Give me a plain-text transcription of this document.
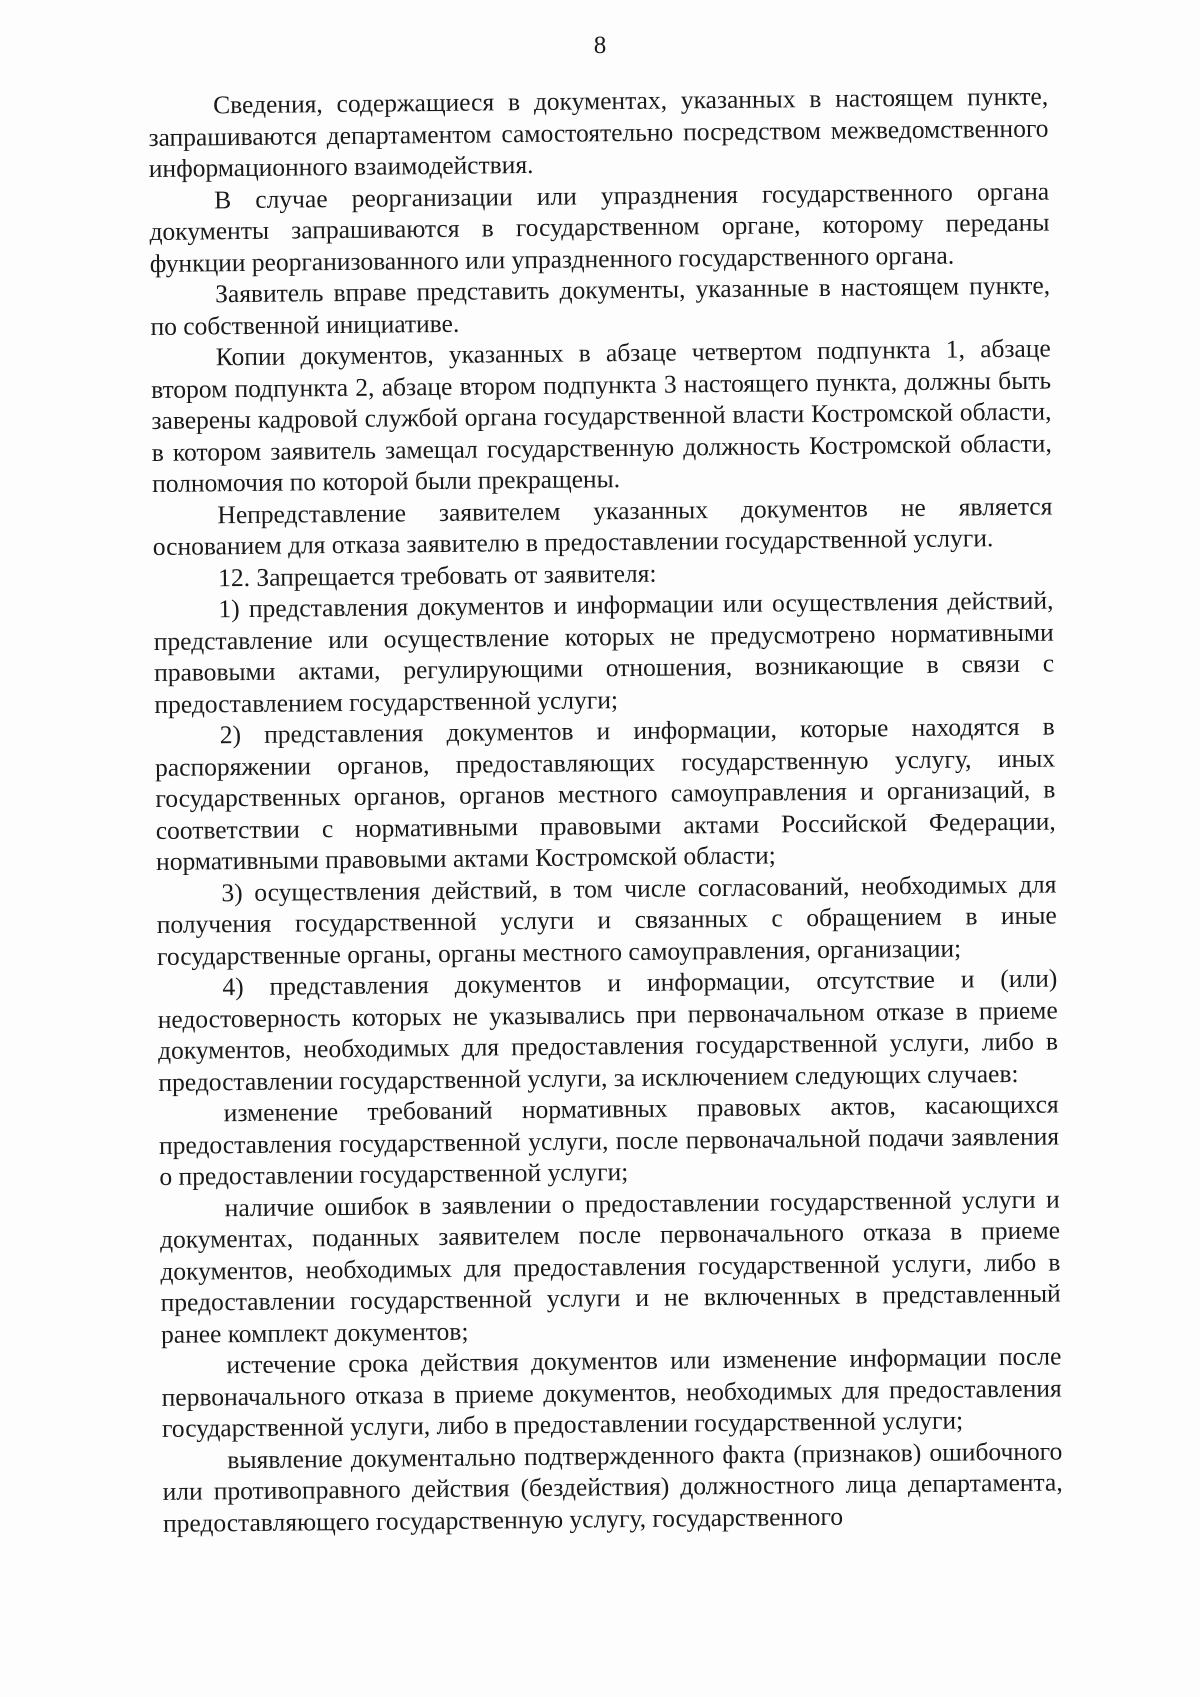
8

Сведения, содержащиеся в документах, указанных в настоящем пункте, запрашиваются департаментом самостоятельно посредством межведомственного информационного взаимодействия.

В случае реорганизации или упразднения государственного органа документы запрашиваются в государственном органе, которому переданы функции реорганизованного или упраздненного государственного органа.

Заявитель вправе представить документы, указанные в настоящем пункте, по собственной инициативе.

Копии документов, указанных в абзаце четвертом подпункта 1, абзаце втором подпункта 2, абзаце втором подпункта 3 настоящего пункта, должны быть заверены кадровой службой органа государственной власти Костромской области, в котором заявитель замещал государственную должность Костромской области, полномочия по которой были прекращены.

Непредставление заявителем указанных документов не является основанием для отказа заявителю в предоставлении государственной услуги.

12. Запрещается требовать от заявителя:

1) представления документов и информации или осуществления действий, представление или осуществление которых не предусмотрено нормативными правовыми актами, регулирующими отношения, возникающие в связи с предоставлением государственной услуги;

2) представления документов и информации, которые находятся в распоряжении органов, предоставляющих государственную услугу, иных государственных органов, органов местного самоуправления и организаций, в соответствии с нормативными правовыми актами Российской Федерации, нормативными правовыми актами Костромской области;

3) осуществления действий, в том числе согласований, необходимых для получения государственной услуги и связанных с обращением в иные государственные органы, органы местного самоуправления, организации;

4) представления документов и информации, отсутствие и (или) недостоверность которых не указывались при первоначальном отказе в приеме документов, необходимых для предоставления государственной услуги, либо в предоставлении государственной услуги, за исключением следующих случаев:

изменение требований нормативных правовых актов, касающихся предоставления государственной услуги, после первоначальной подачи заявления о предоставлении государственной услуги;

наличие ошибок в заявлении о предоставлении государственной услуги и документах, поданных заявителем после первоначального отказа в приеме документов, необходимых для предоставления государственной услуги, либо в предоставлении государственной услуги и не включенных в представленный ранее комплект документов;

истечение срока действия документов или изменение информации после первоначального отказа в приеме документов, необходимых для предоставления государственной услуги, либо в предоставлении государственной услуги;

выявление документально подтвержденного факта (признаков) ошибочного или противоправного действия (бездействия) должностного лица департамента, предоставляющего государственную услугу, государственного
